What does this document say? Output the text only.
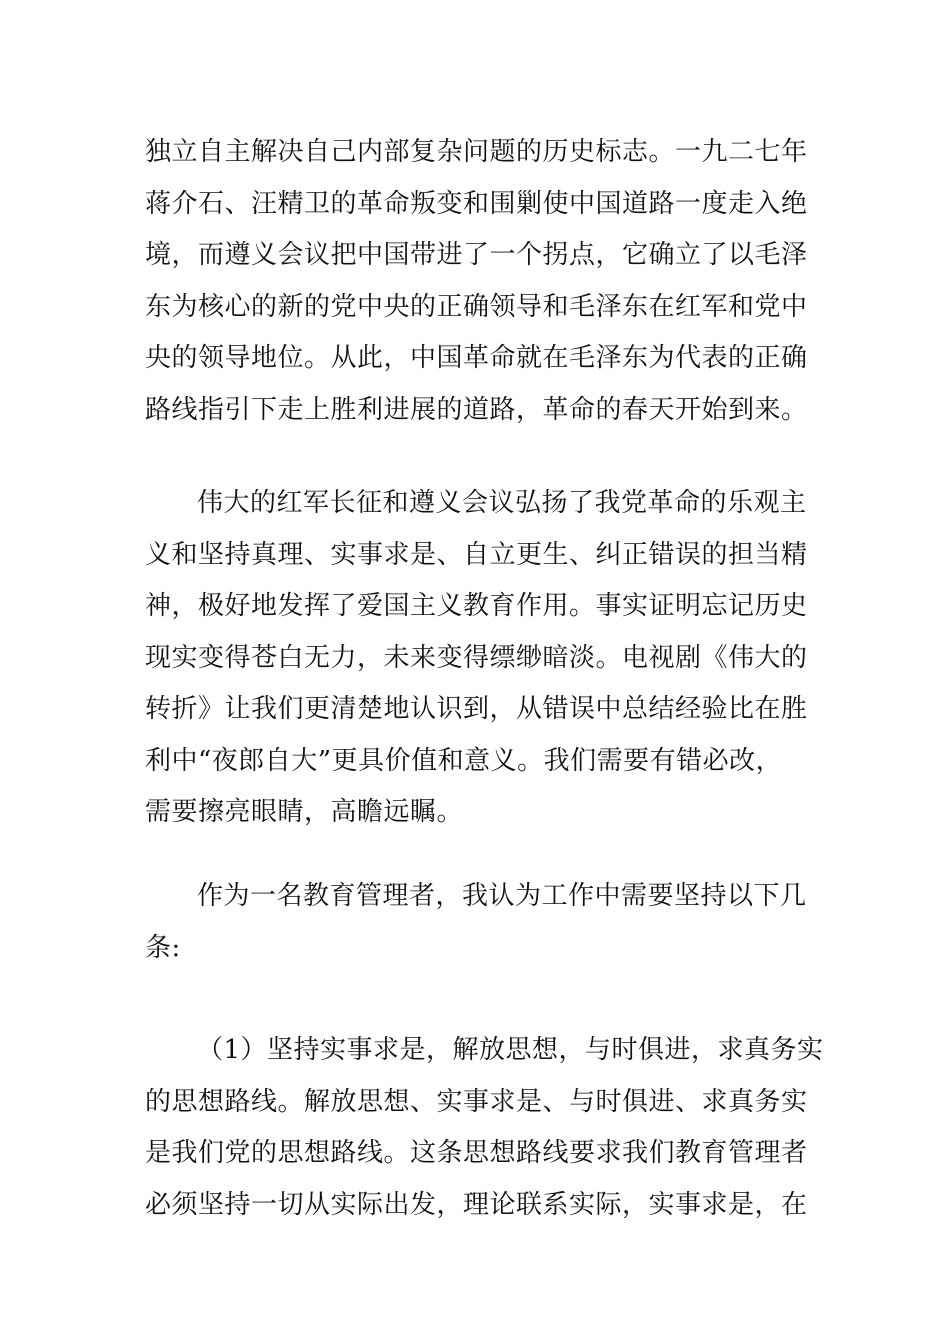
独立自主解决自己内部复杂问题的历史标志。一九二七年
蒋介石、汪精卫的革命叛变和围剿使中国道路一度走入绝
境，而遵义会议把中国带进了一个拐点，它确立了以毛泽
东为核心的新的党中央的正确领导和毛泽东在红军和党中
央的领导地位。从此，中国革命就在毛泽东为代表的正确
路线指引下走上胜利进展的道路，革命的春天开始到来。
伟大的红军长征和遵义会议弘扬了我党革命的乐观主
义和坚持真理、实事求是、自立更生、纠正错误的担当精
神，极好地发挥了爱国主义教育作用。事实证明忘记历史
现实变得苍白无力，未来变得缥缈暗淡。电视剧《伟大的
转折》让我们更清楚地认识到，从错误中总结经验比在胜
利中“夜郎自大”更具价值和意义。我们需要有错必改，
需要擦亮眼睛，高瞻远瞩。
作为一名教育管理者，我认为工作中需要坚持以下几
条:
（1）坚持实事求是，解放思想，与时俱进，求真务实
的思想路线。解放思想、实事求是、与时俱进、求真务实
是我们党的思想路线。这条思想路线要求我们教育管理者
必须坚持一切从实际出发，理论联系实际，实事求是，在
